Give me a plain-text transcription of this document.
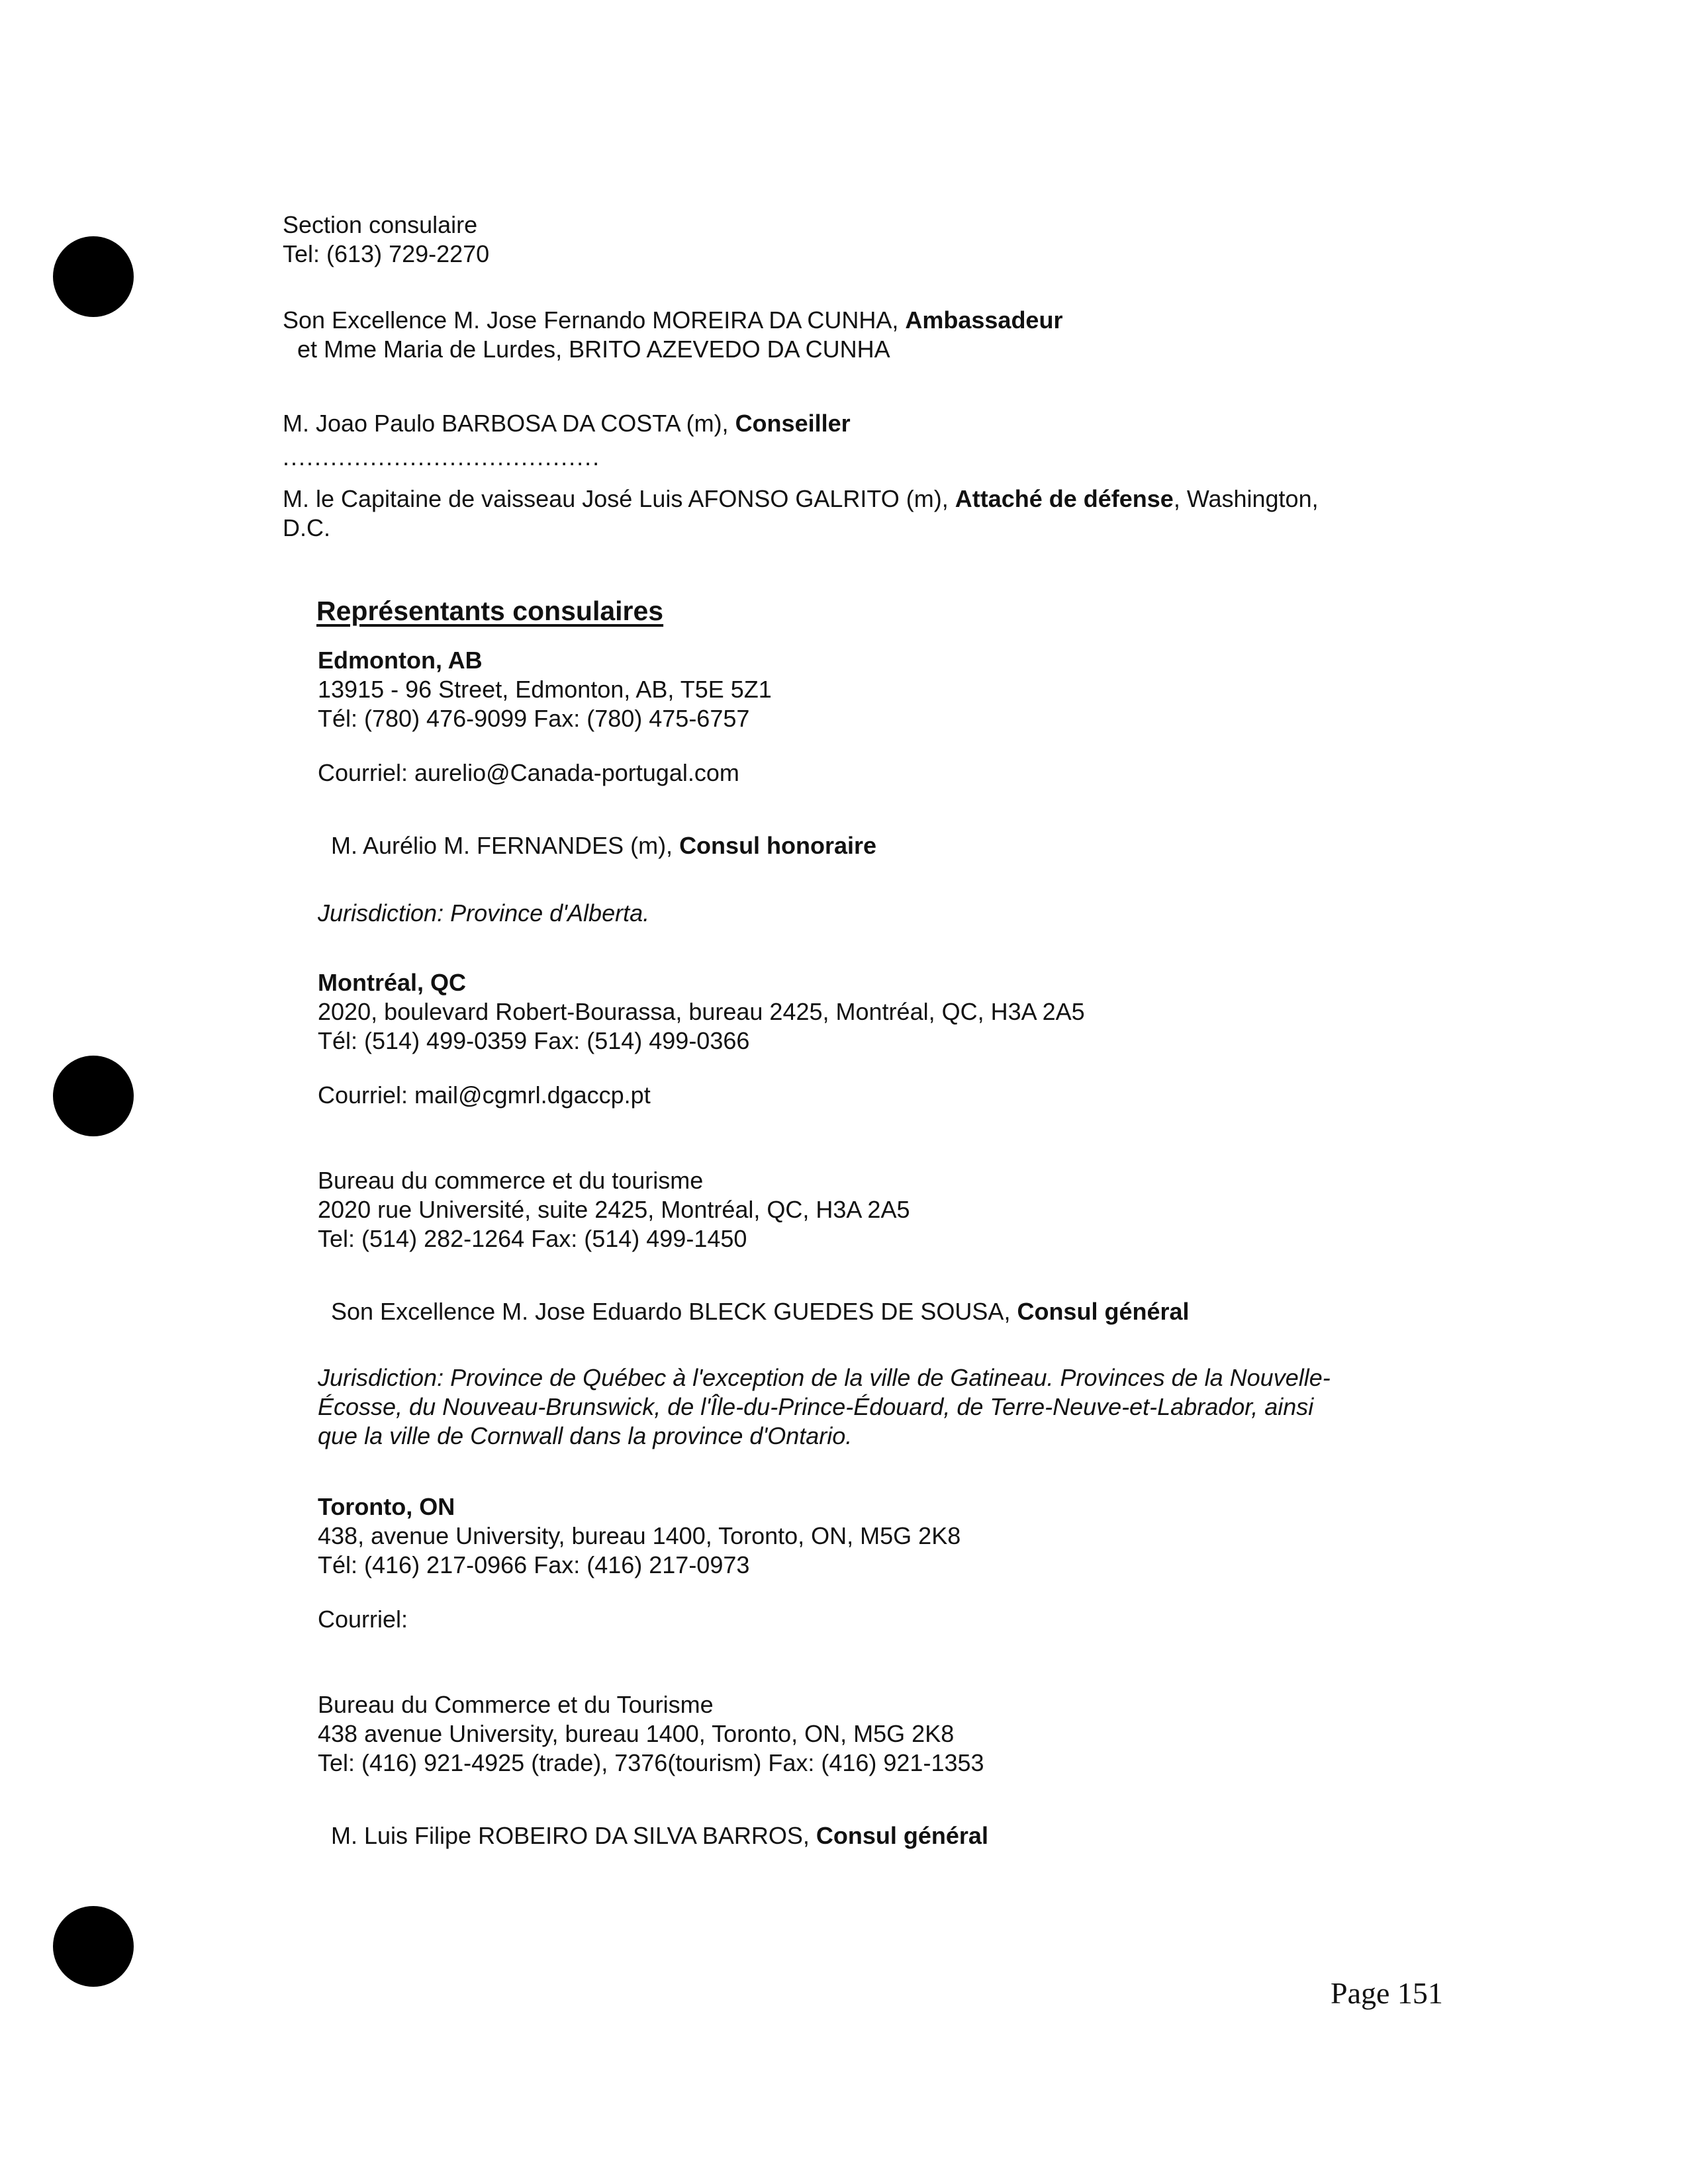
Section consulaire
Tel: (613) 729-2270
Son Excellence M. Jose Fernando MOREIRA DA CUNHA, Ambassadeur
et Mme Maria de Lurdes, BRITO AZEVEDO DA CUNHA
M. Joao Paulo BARBOSA DA COSTA (m), Conseiller
........................................
M. le Capitaine de vaisseau José Luis AFONSO GALRITO (m), Attaché de défense, Washington,
D.C.
Représentants consulaires
Edmonton, AB
13915 - 96 Street, Edmonton, AB, T5E 5Z1
Tél: (780) 476-9099 Fax: (780) 475-6757
Courriel: aurelio@Canada-portugal.com
M. Aurélio M. FERNANDES (m), Consul honoraire
Jurisdiction: Province d'Alberta.
Montréal, QC
2020, boulevard Robert-Bourassa, bureau 2425, Montréal, QC, H3A 2A5
Tél: (514) 499-0359 Fax: (514) 499-0366
Courriel: mail@cgmrl.dgaccp.pt
Bureau du commerce et du tourisme
2020 rue Université, suite 2425, Montréal, QC, H3A 2A5
Tel: (514) 282-1264 Fax: (514) 499-1450
Son Excellence M. Jose Eduardo BLECK GUEDES DE SOUSA, Consul général
Jurisdiction: Province de Québec à l'exception de la ville de Gatineau. Provinces de la Nouvelle-
Écosse, du Nouveau-Brunswick, de l'Île-du-Prince-Édouard, de Terre-Neuve-et-Labrador, ainsi
que la ville de Cornwall dans la province d'Ontario.
Toronto, ON
438, avenue University, bureau 1400, Toronto, ON, M5G 2K8
Tél: (416) 217-0966 Fax: (416) 217-0973
Courriel:
Bureau du Commerce et du Tourisme
438 avenue University, bureau 1400, Toronto, ON, M5G 2K8
Tel: (416) 921-4925 (trade), 7376(tourism) Fax: (416) 921-1353
M. Luis Filipe ROBEIRO DA SILVA BARROS, Consul général
Page 151
